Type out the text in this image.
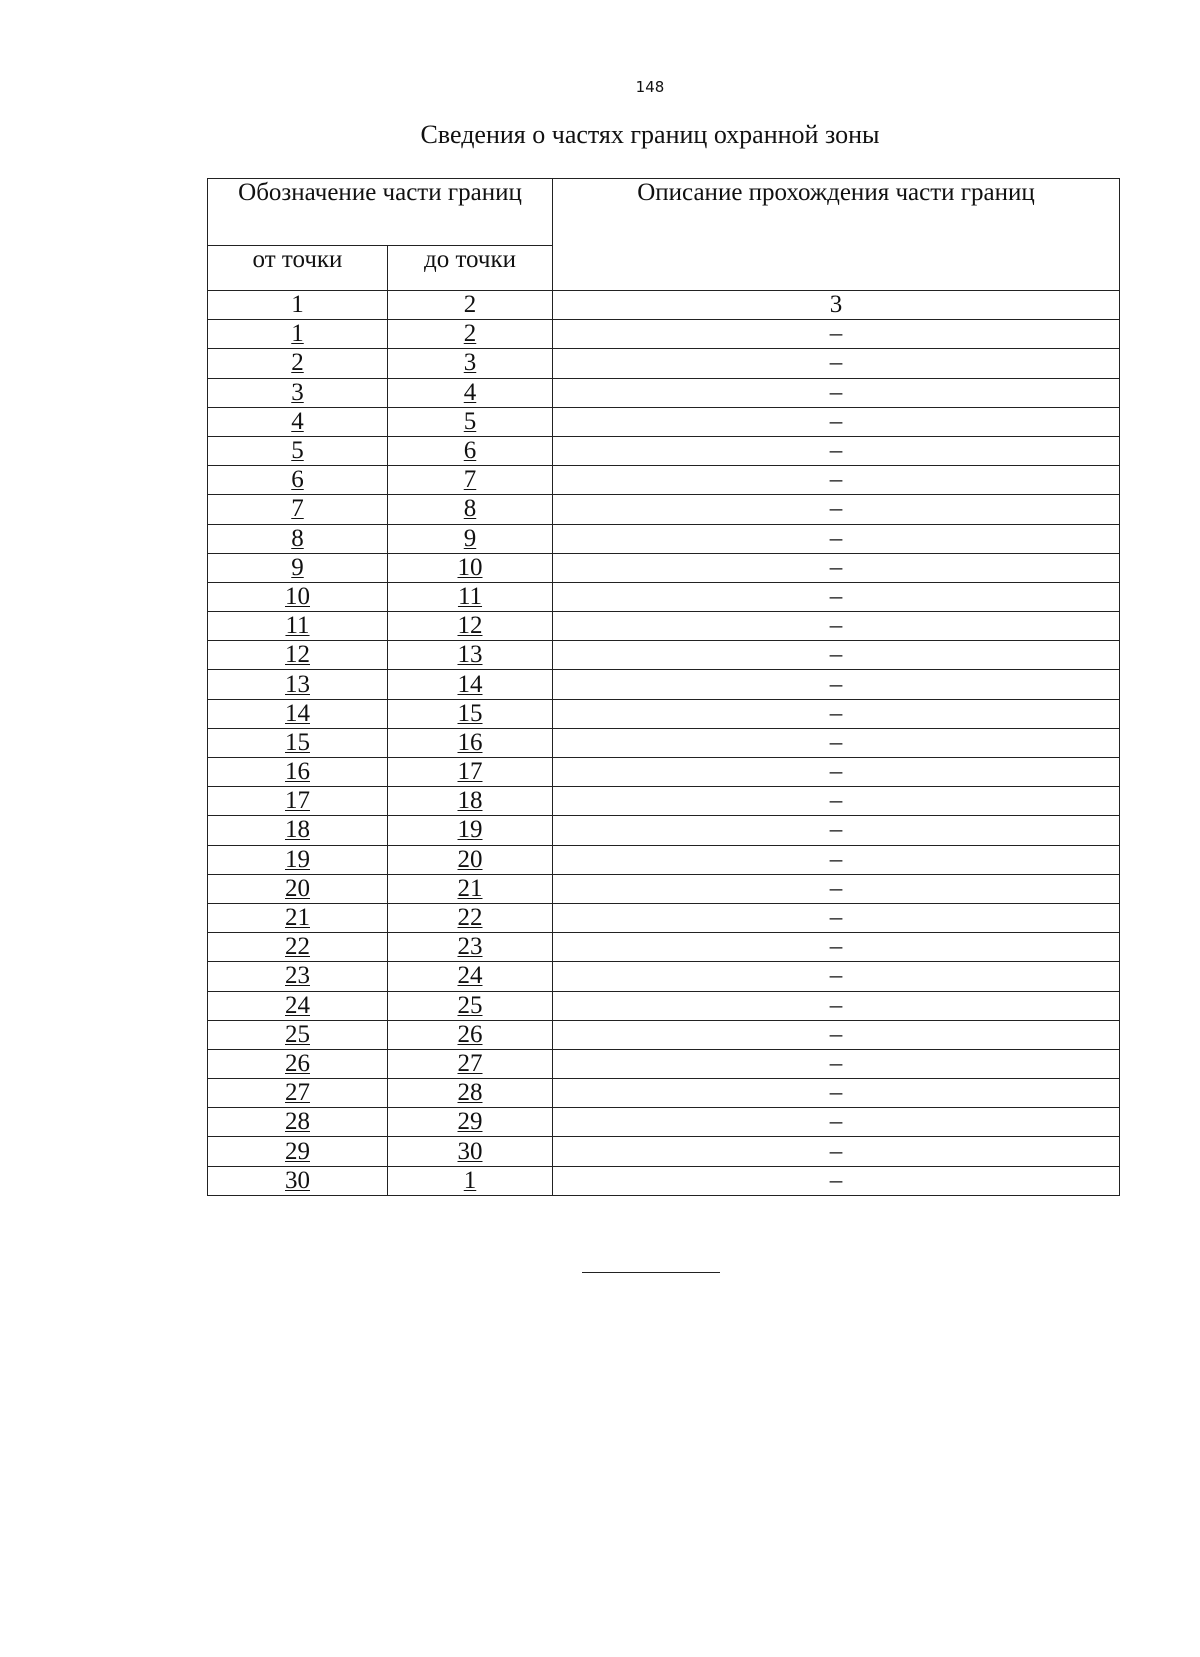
148
Сведения о частях границ охранной зоны
Обозначение части границ		Описание прохождения части границ
от точки	до точки	
1	2	3
1	2	–
2	3	–
3	4	–
4	5	–
5	6	–
6	7	–
7	8	–
8	9	–
9	10	–
10	11	–
11	12	–
12	13	–
13	14	–
14	15	–
15	16	–
16	17	–
17	18	–
18	19	–
19	20	–
20	21	–
21	22	–
22	23	–
23	24	–
24	25	–
25	26	–
26	27	–
27	28	–
28	29	–
29	30	–
30	1	–
